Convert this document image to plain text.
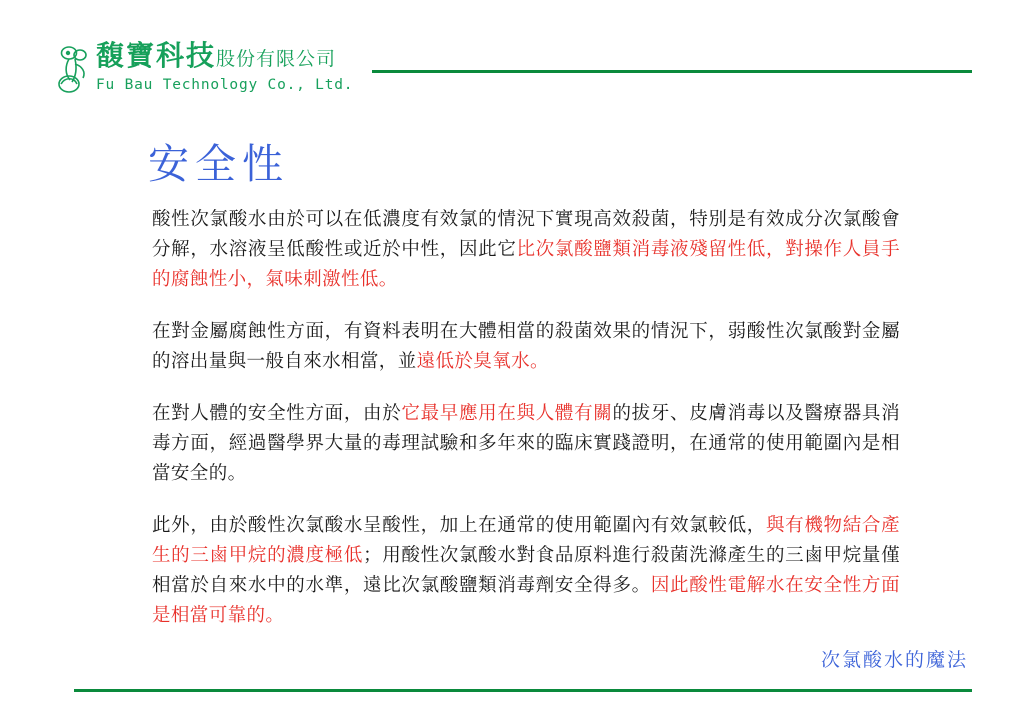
馥寶科技股份有限公司
Fu Bau Technology Co., Ltd.
安全性

酸性次氯酸水由於可以在低濃度有效氯的情況下實現高效殺菌，特別是有效成分次氯酸會分解，水溶液呈低酸性或近於中性，因此它比次氯酸鹽類消毒液殘留性低，對操作人員手的腐蝕性小，氣味刺激性低。

在對金屬腐蝕性方面，有資料表明在大體相當的殺菌效果的情況下，弱酸性次氯酸對金屬的溶出量與一般自來水相當，並遠低於臭氧水。

在對人體的安全性方面，由於它最早應用在與人體有關的拔牙、皮膚消毒以及醫療器具消毒方面，經過醫學界大量的毒理試驗和多年來的臨床實踐證明，在通常的使用範圍內是相當安全的。

此外，由於酸性次氯酸水呈酸性，加上在通常的使用範圍內有效氯較低，與有機物結合產生的三鹵甲烷的濃度極低；用酸性次氯酸水對食品原料進行殺菌洗滌產生的三鹵甲烷量僅相當於自來水中的水準，遠比次氯酸鹽類消毒劑安全得多。因此酸性電解水在安全性方面是相當可靠的。

次氯酸水的魔法
